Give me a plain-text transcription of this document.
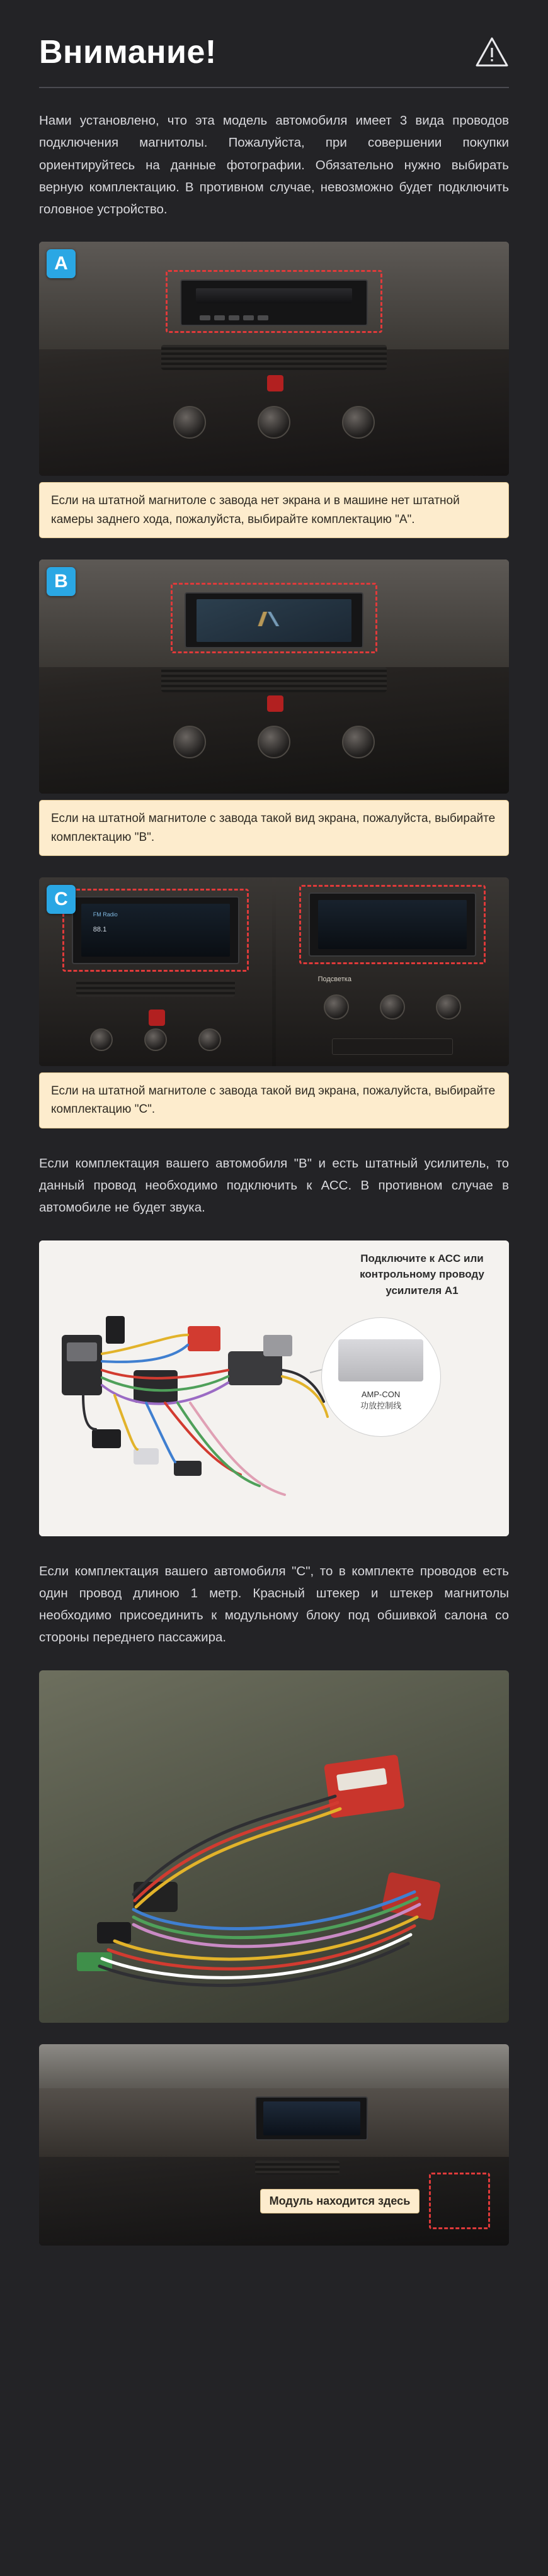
Внимание!

Нами установлено, что эта модель автомобиля имеет 3 вида проводов подключения магнитолы. Пожалуйста, при совершении покупки ориентируйтесь на данные фотографии. Обязательно нужно выбирать верную комплектацию. В противном случае, невозможно будет подключить головное устройство.

A
Если на штатной магнитоле с завода нет экрана и в машине нет штатной камеры заднего хода, пожалуйста, выбирайте комплектацию "A".
B
Если на штатной магнитоле с завода такой вид экрана, пожалуйста, выбирайте комплектацию "B".
C
FM Radio
88.1
Подсветка
Если на штатной магнитоле с завода такой вид экрана, пожалуйста, выбирайте комплектацию "C".

Если комплектация вашего автомобиля "B" и есть штатный усилитель, то данный провод необходимо подключить к АСС. В противном случае в автомобиле не будет звука.

AMP-CON
功放控制线
Подключите к АСС или контрольному проводу усилителя А1

Если комплектация вашего автомобиля "C", то в комплекте проводов есть один провод длиною 1 метр. Красный штекер и штекер магнитолы необходимо присоединить к модульному блоку под обшивкой салона со стороны переднего пассажира.

Модуль находится здесь
